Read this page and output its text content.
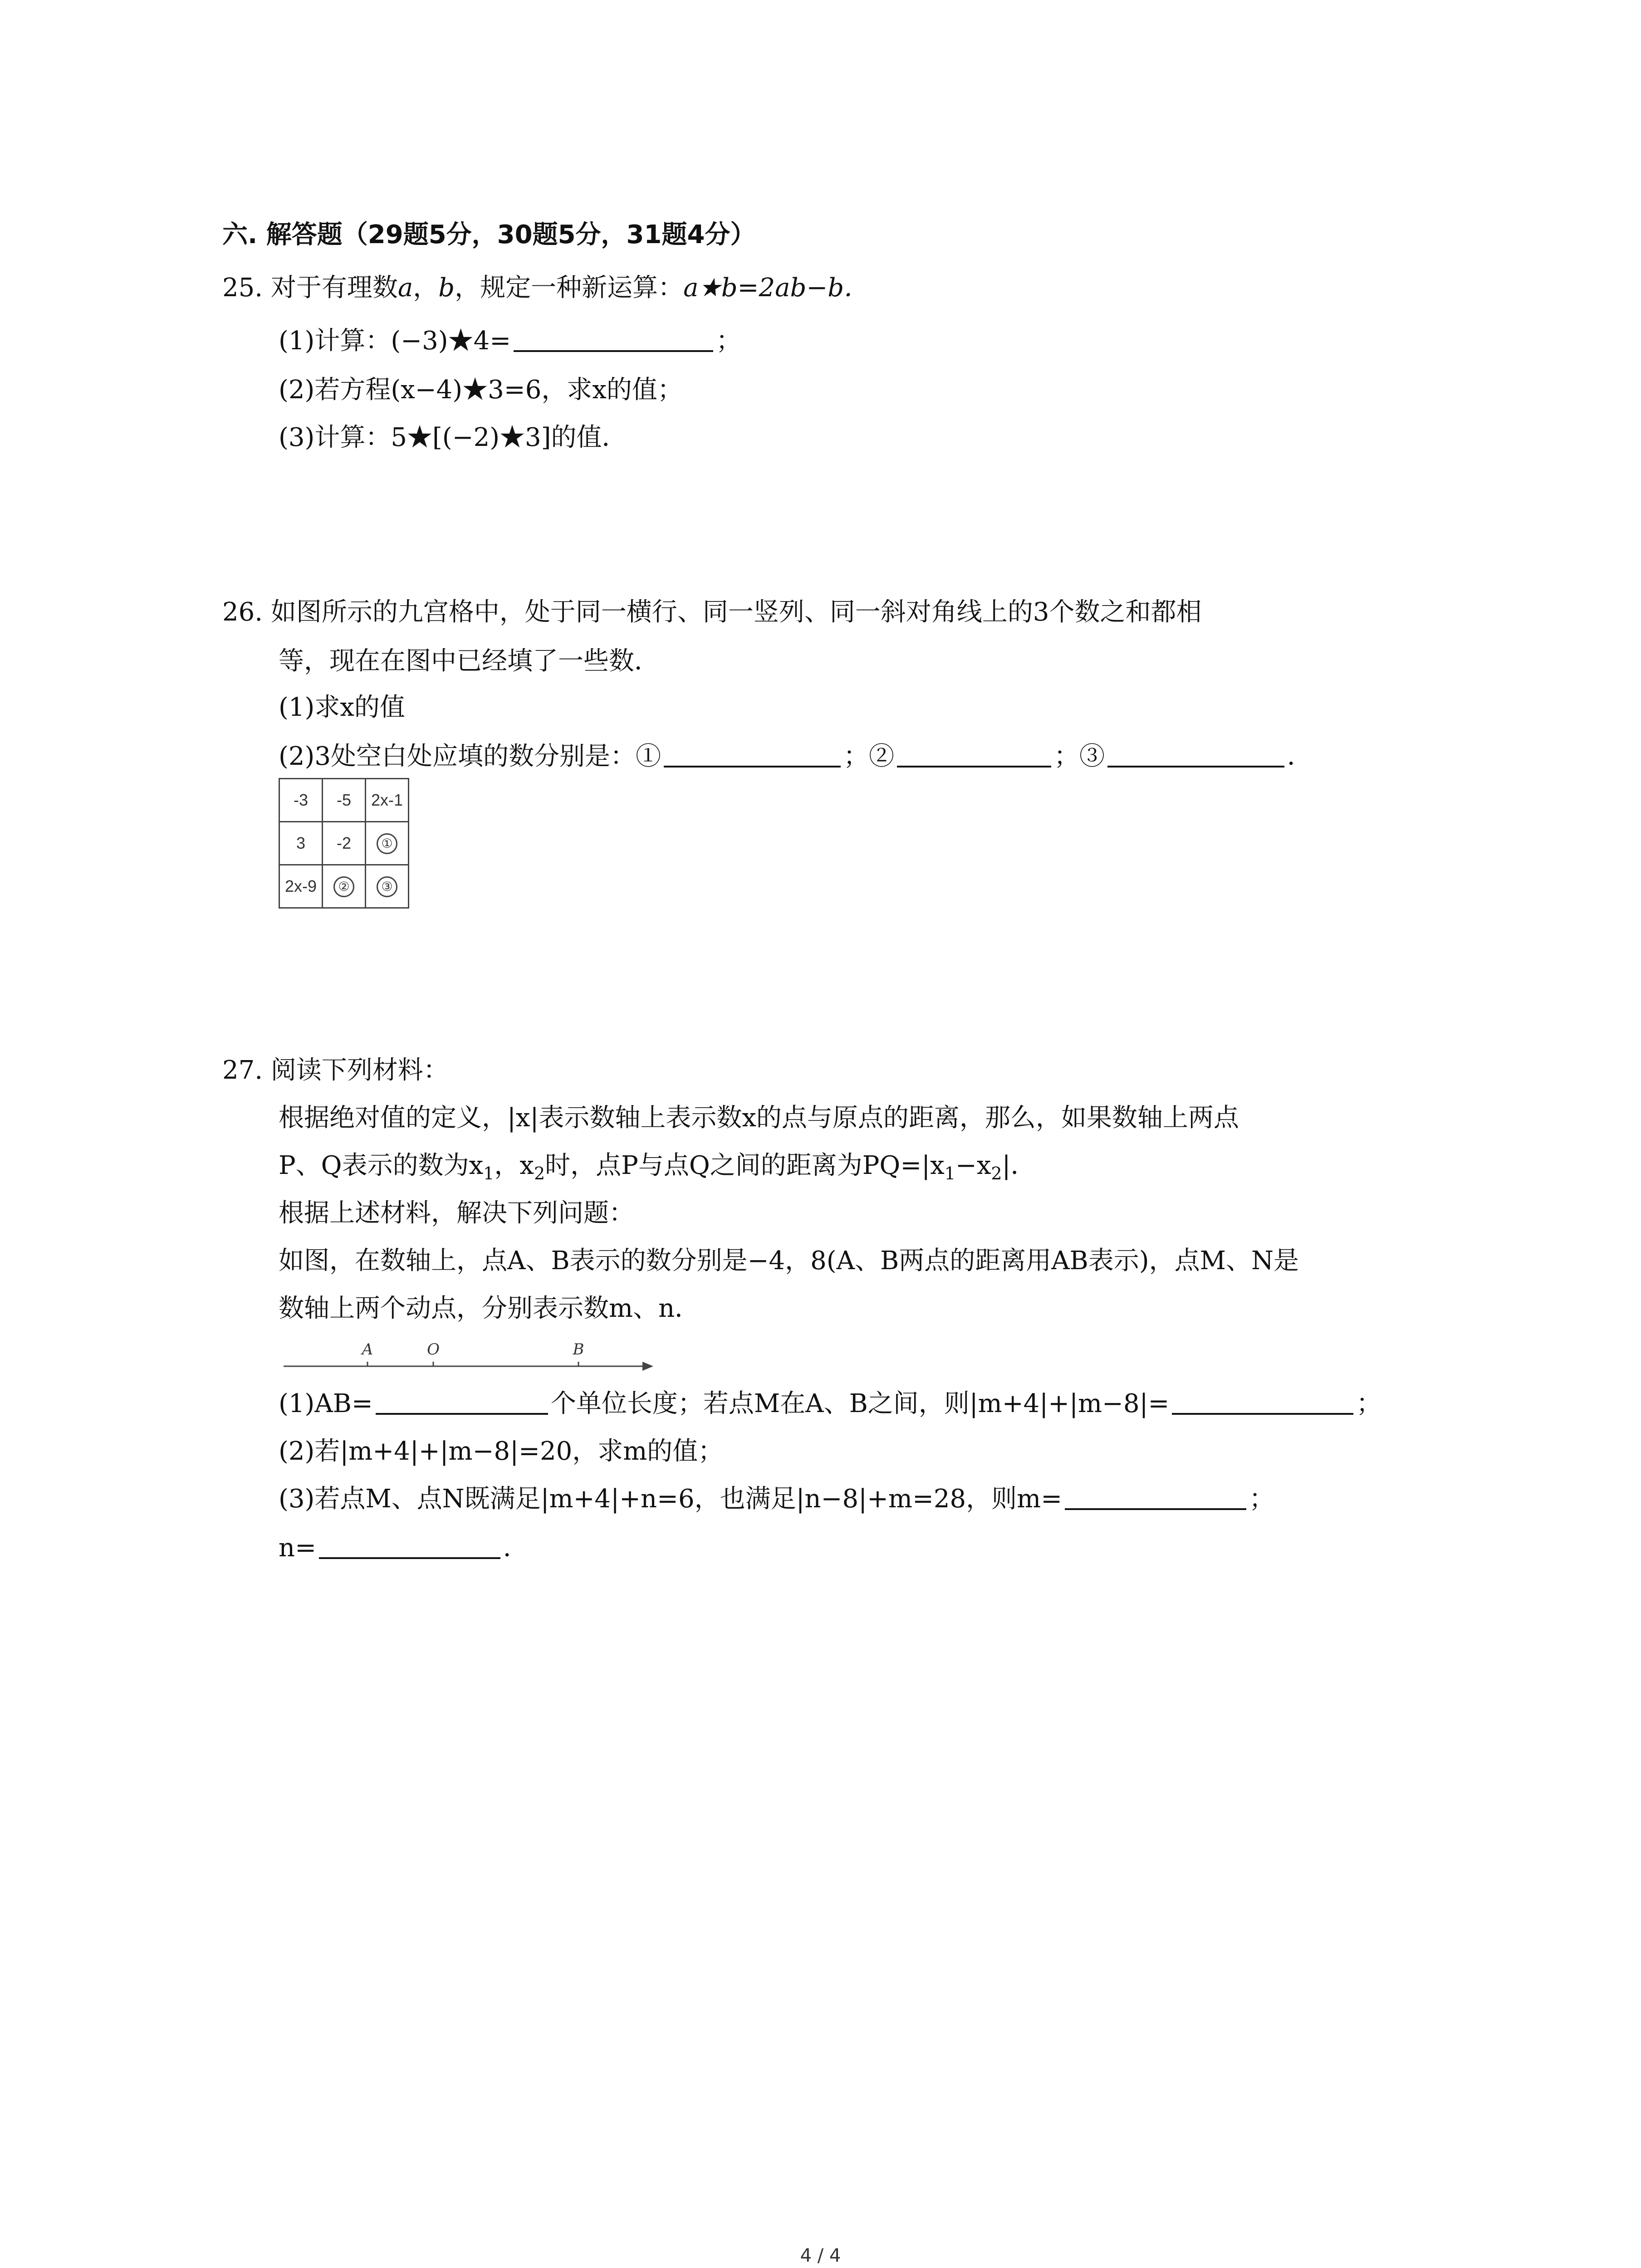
六. 解答题（29题5分，30题5分，31题4分）
25. 对于有理数a，b，规定一种新运算：a★b=2ab−b．
(1)计算：(−3)★4=	；
(2)若方程(x−4)★3=6，求x的值；
(3)计算：5★[(−2)★3]的值．
26. 如图所示的九宫格中，处于同一横行、同一竖列、同一斜对角线上的3个数之和都相
等，现在在图中已经填了一些数．
(1)求x的值
(2)3处空白处应填的数分别是：①	；②	；③	．
-3	-5	2x-1
3	-2	①
2x-9	②	③
27. 阅读下列材料：
根据绝对值的定义，|x|表示数轴上表示数x的点与原点的距离，那么，如果数轴上两点
P、Q表示的数为$x_1$，$x_2$时，点P与点Q之间的距离为$PQ=|x_1-x_2|$．
根据上述材料，解决下列问题：
如图，在数轴上，点A、B表示的数分别是−4，8(A、B两点的距离用AB表示)，点M、N是
数轴上两个动点，分别表示数m、n．
A	O	B
(1)AB=	个单位长度；若点M在A、B之间，则|m+4|+|m−8|=	；
(2)若|m+4|+|m−8|=20，求m的值；
(3)若点M、点N既满足|m+4|+n=6，也满足|n−8|+m=28，则m=	；
n=	．
4 / 4
